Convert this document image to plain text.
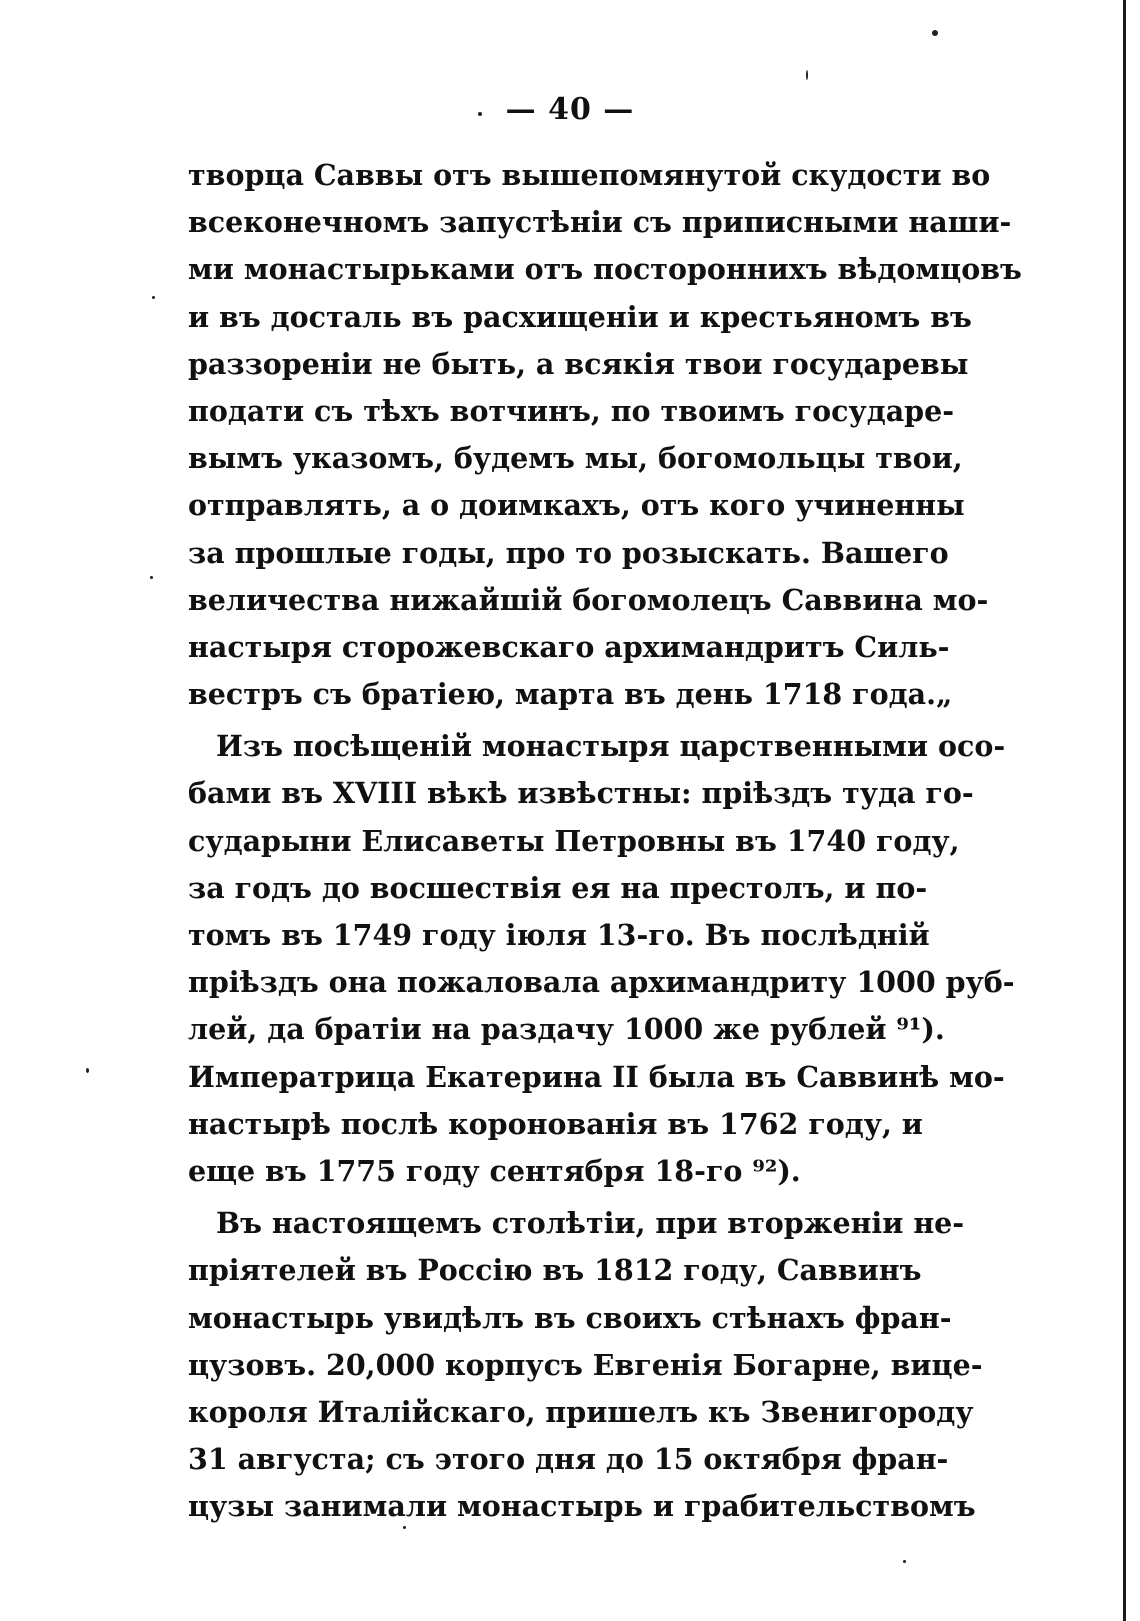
— 40 —
творца Саввы отъ вышепомянутой скудости во
всеконечномъ запустѣніи съ приписными наши-
ми монастырьками отъ постороннихъ вѣдомцовъ
и въ досталь въ расхищеніи и крестьяномъ въ
раззореніи не быть, а всякія твои государевы
подати съ тѣхъ вотчинъ, по твоимъ государе-
вымъ указомъ, будемъ мы, богомольцы твои,
отправлять, а о доимкахъ, отъ кого учиненны
за прошлые годы, про то розыскать. Вашего
величества нижайшій богомолецъ Саввина мо-
настыря сторожевскаго архимандритъ Силь-
вестръ съ братіею, марта въ день 1718 года.„
Изъ посѣщеній монастыря царственными осо-
бами въ XVIII вѣкѣ извѣстны: пріѣздъ туда го-
сударыни Елисаветы Петровны въ 1740 году,
за годъ до восшествія ея на престолъ, и по-
томъ въ 1749 году іюля 13-го. Въ послѣдній
пріѣздъ она пожаловала архимандриту 1000 руб-
лей, да братіи на раздачу 1000 же рублей ⁹¹).
Императрица Екатерина II была въ Саввинѣ мо-
настырѣ послѣ коронованія въ 1762 году, и
еще въ 1775 году сентября 18-го ⁹²).
Въ настоящемъ столѣтіи, при вторженіи не-
пріятелей въ Россію въ 1812 году, Саввинъ
монастырь увидѣлъ въ своихъ стѣнахъ фран-
цузовъ. 20,000 корпусъ Евгенія Богарне, вице-
короля Италійскаго, пришелъ къ Звенигороду
31 августа; съ этого дня до 15 октября фран-
цузы занимали монастырь и грабительствомъ
